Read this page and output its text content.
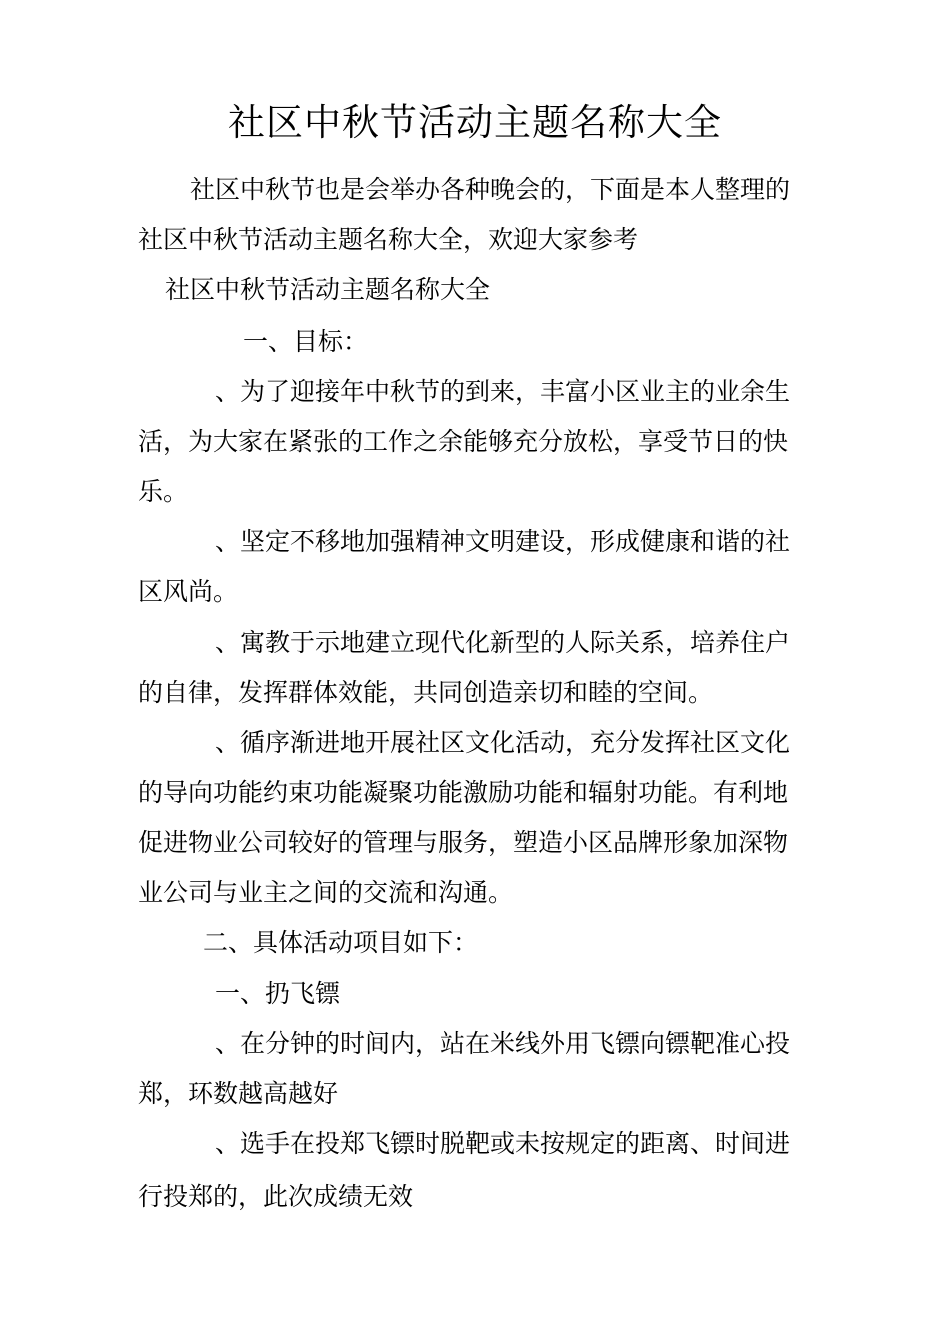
社区中秋节活动主题名称大全
社区中秋节也是会举办各种晚会的，下面是本人整理的
社区中秋节活动主题名称大全，欢迎大家参考
社区中秋节活动主题名称大全
一、目标：
、为了迎接年中秋节的到来，丰富小区业主的业余生
活，为大家在紧张的工作之余能够充分放松，享受节日的快
乐。
、坚定不移地加强精神文明建设，形成健康和谐的社
区风尚。
、寓教于示地建立现代化新型的人际关系，培养住户
的自律，发挥群体效能，共同创造亲切和睦的空间。
、循序渐进地开展社区文化活动，充分发挥社区文化
的导向功能约束功能凝聚功能激励功能和辐射功能。有利地
促进物业公司较好的管理与服务，塑造小区品牌形象加深物
业公司与业主之间的交流和沟通。
二、具体活动项目如下：
一、扔飞镖
、在分钟的时间内，站在米线外用飞镖向镖靶准心投
郑，环数越高越好
、选手在投郑飞镖时脱靶或未按规定的距离、时间进
行投郑的，此次成绩无效
